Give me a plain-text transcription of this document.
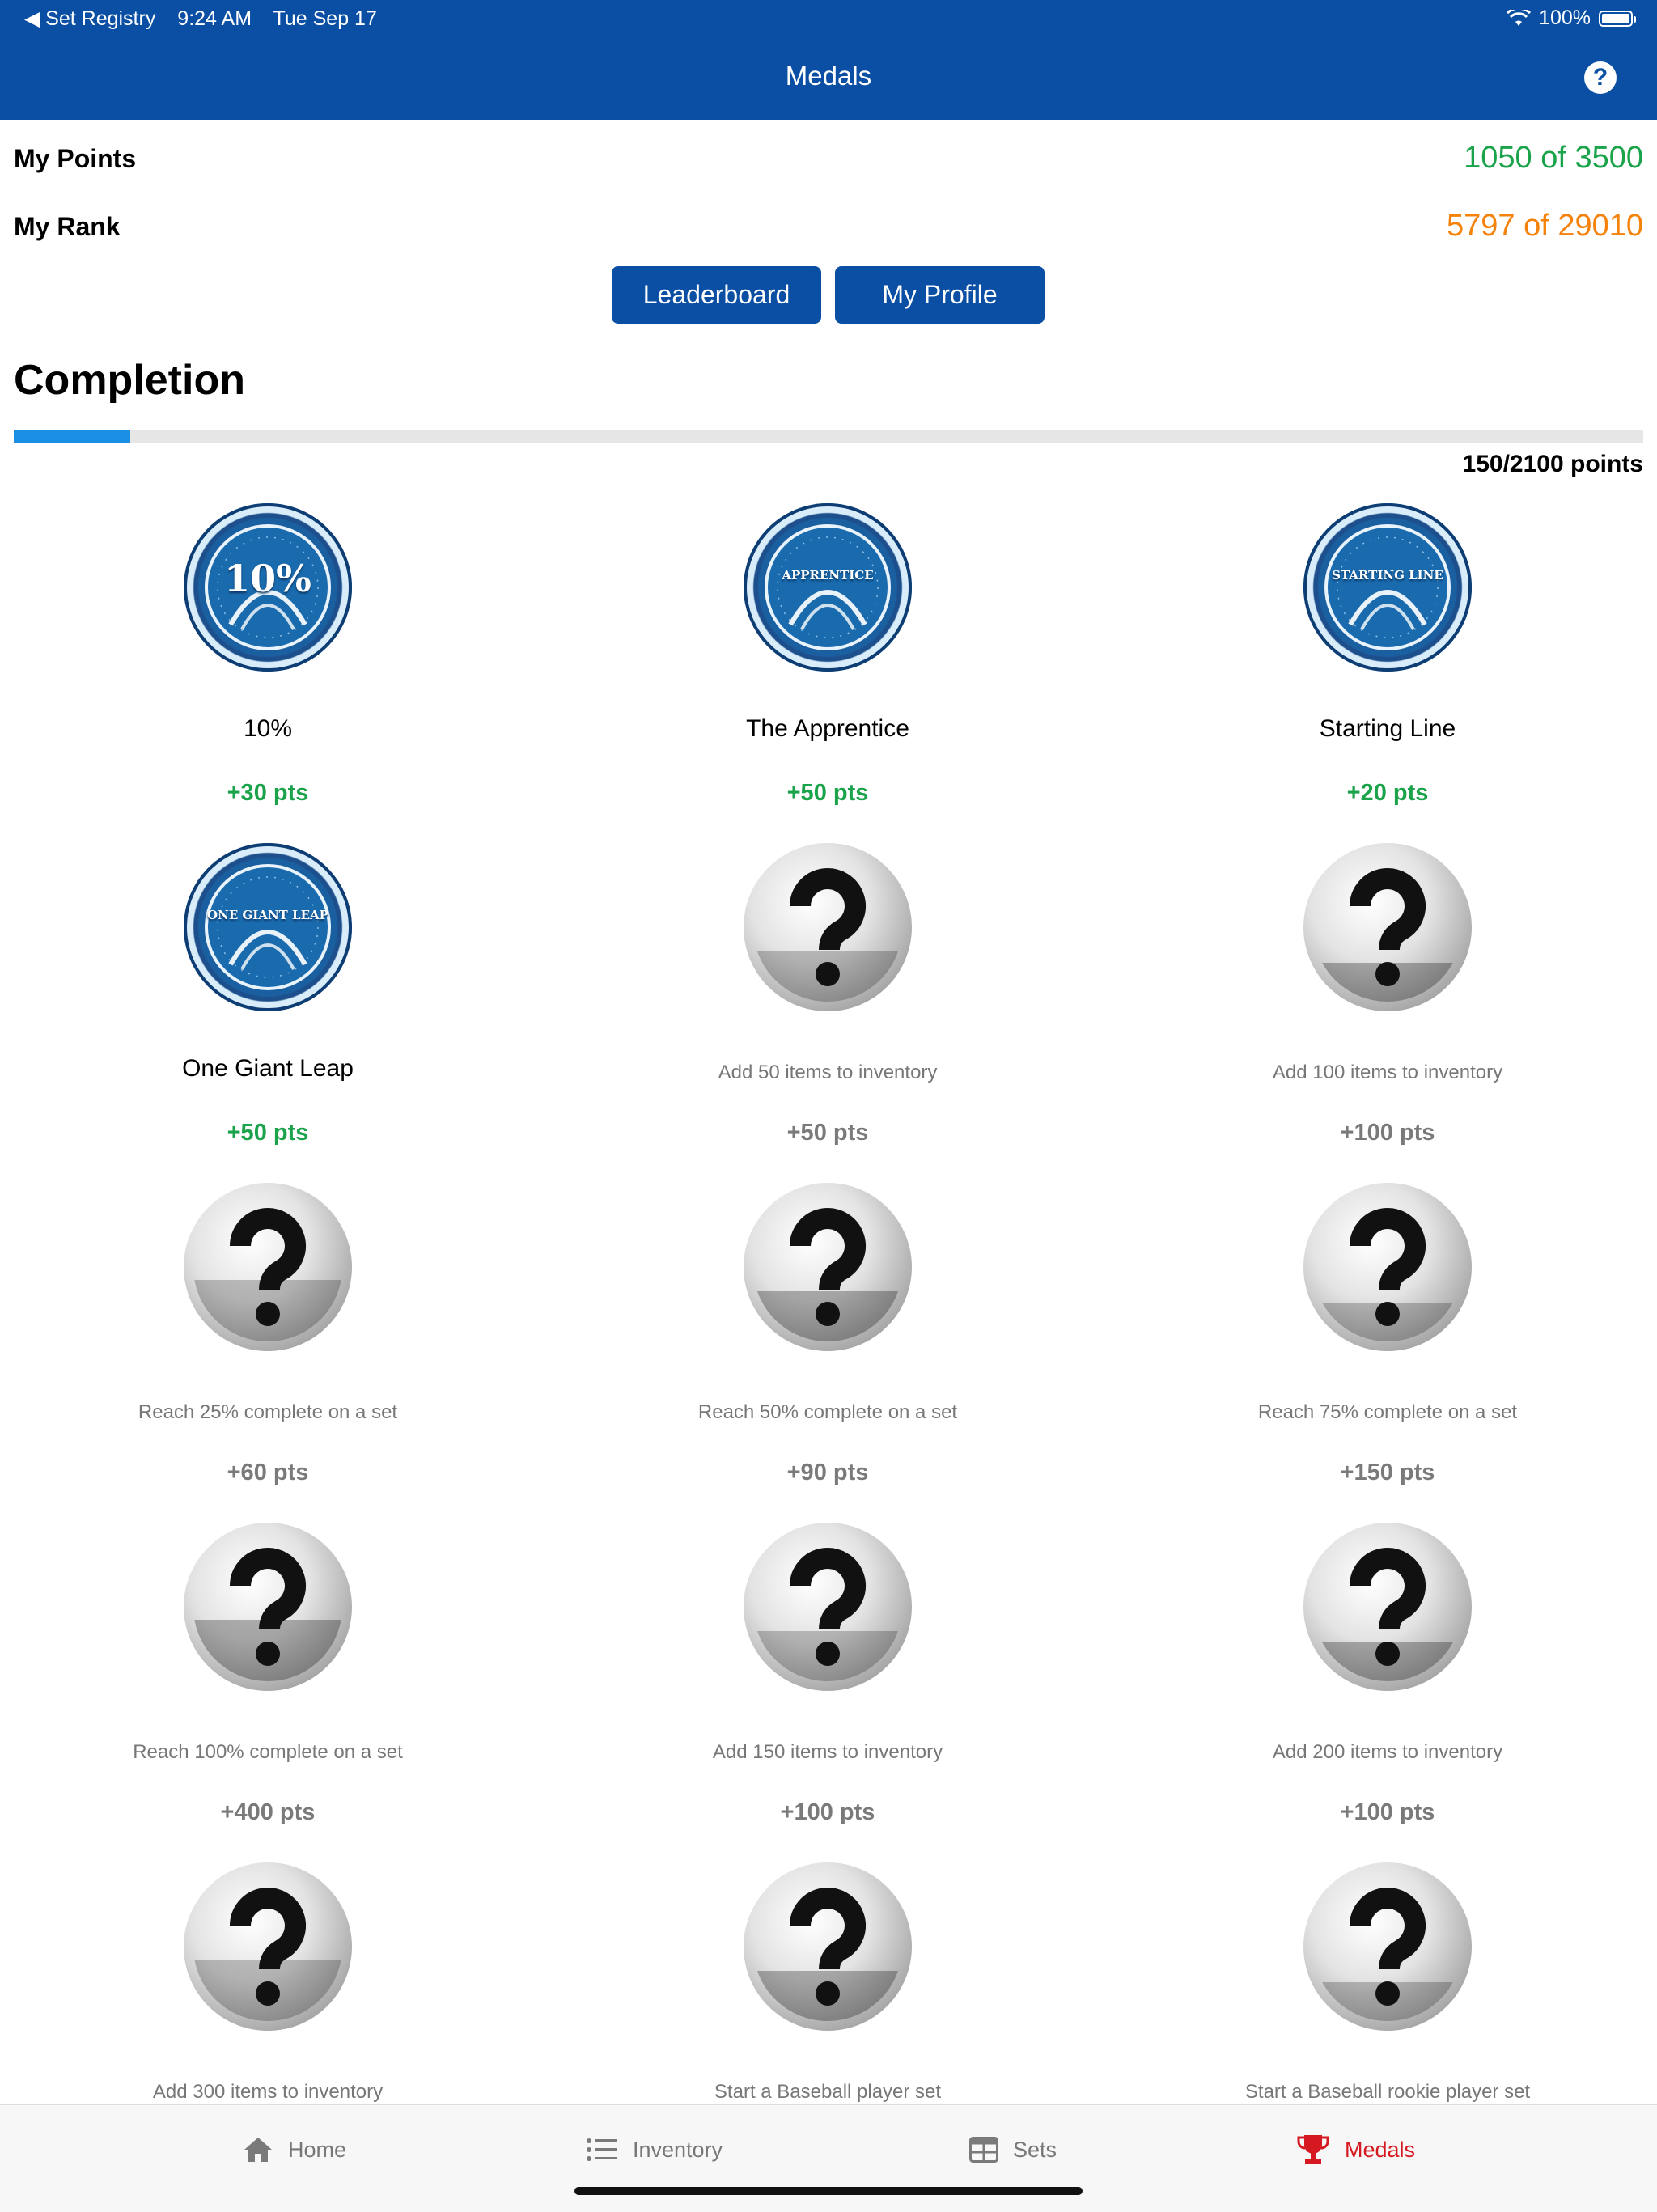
◀ Set Registry 9:24 AM Tue Sep 17	100%
Medals	?
My Points	1050 of 3500
My Rank	5797 of 29010
Leaderboard	My Profile
Completion
150/2100 points
10%
10%
+30 pts
APPRENTICE
The Apprentice
+50 pts
STARTING LINE
Starting Line
+20 pts
ONE GIANT LEAP
One Giant Leap
+50 pts
Add 50 items to inventory
+50 pts
Add 100 items to inventory
+100 pts
Reach 25% complete on a set
+60 pts
Reach 50% complete on a set
+90 pts
Reach 75% complete on a set
+150 pts
Reach 100% complete on a set
+400 pts
Add 150 items to inventory
+100 pts
Add 200 items to inventory
+100 pts
Add 300 items to inventory	Start a Baseball player set	Start a Baseball rookie player set
Home	Inventory	Sets	Medals
